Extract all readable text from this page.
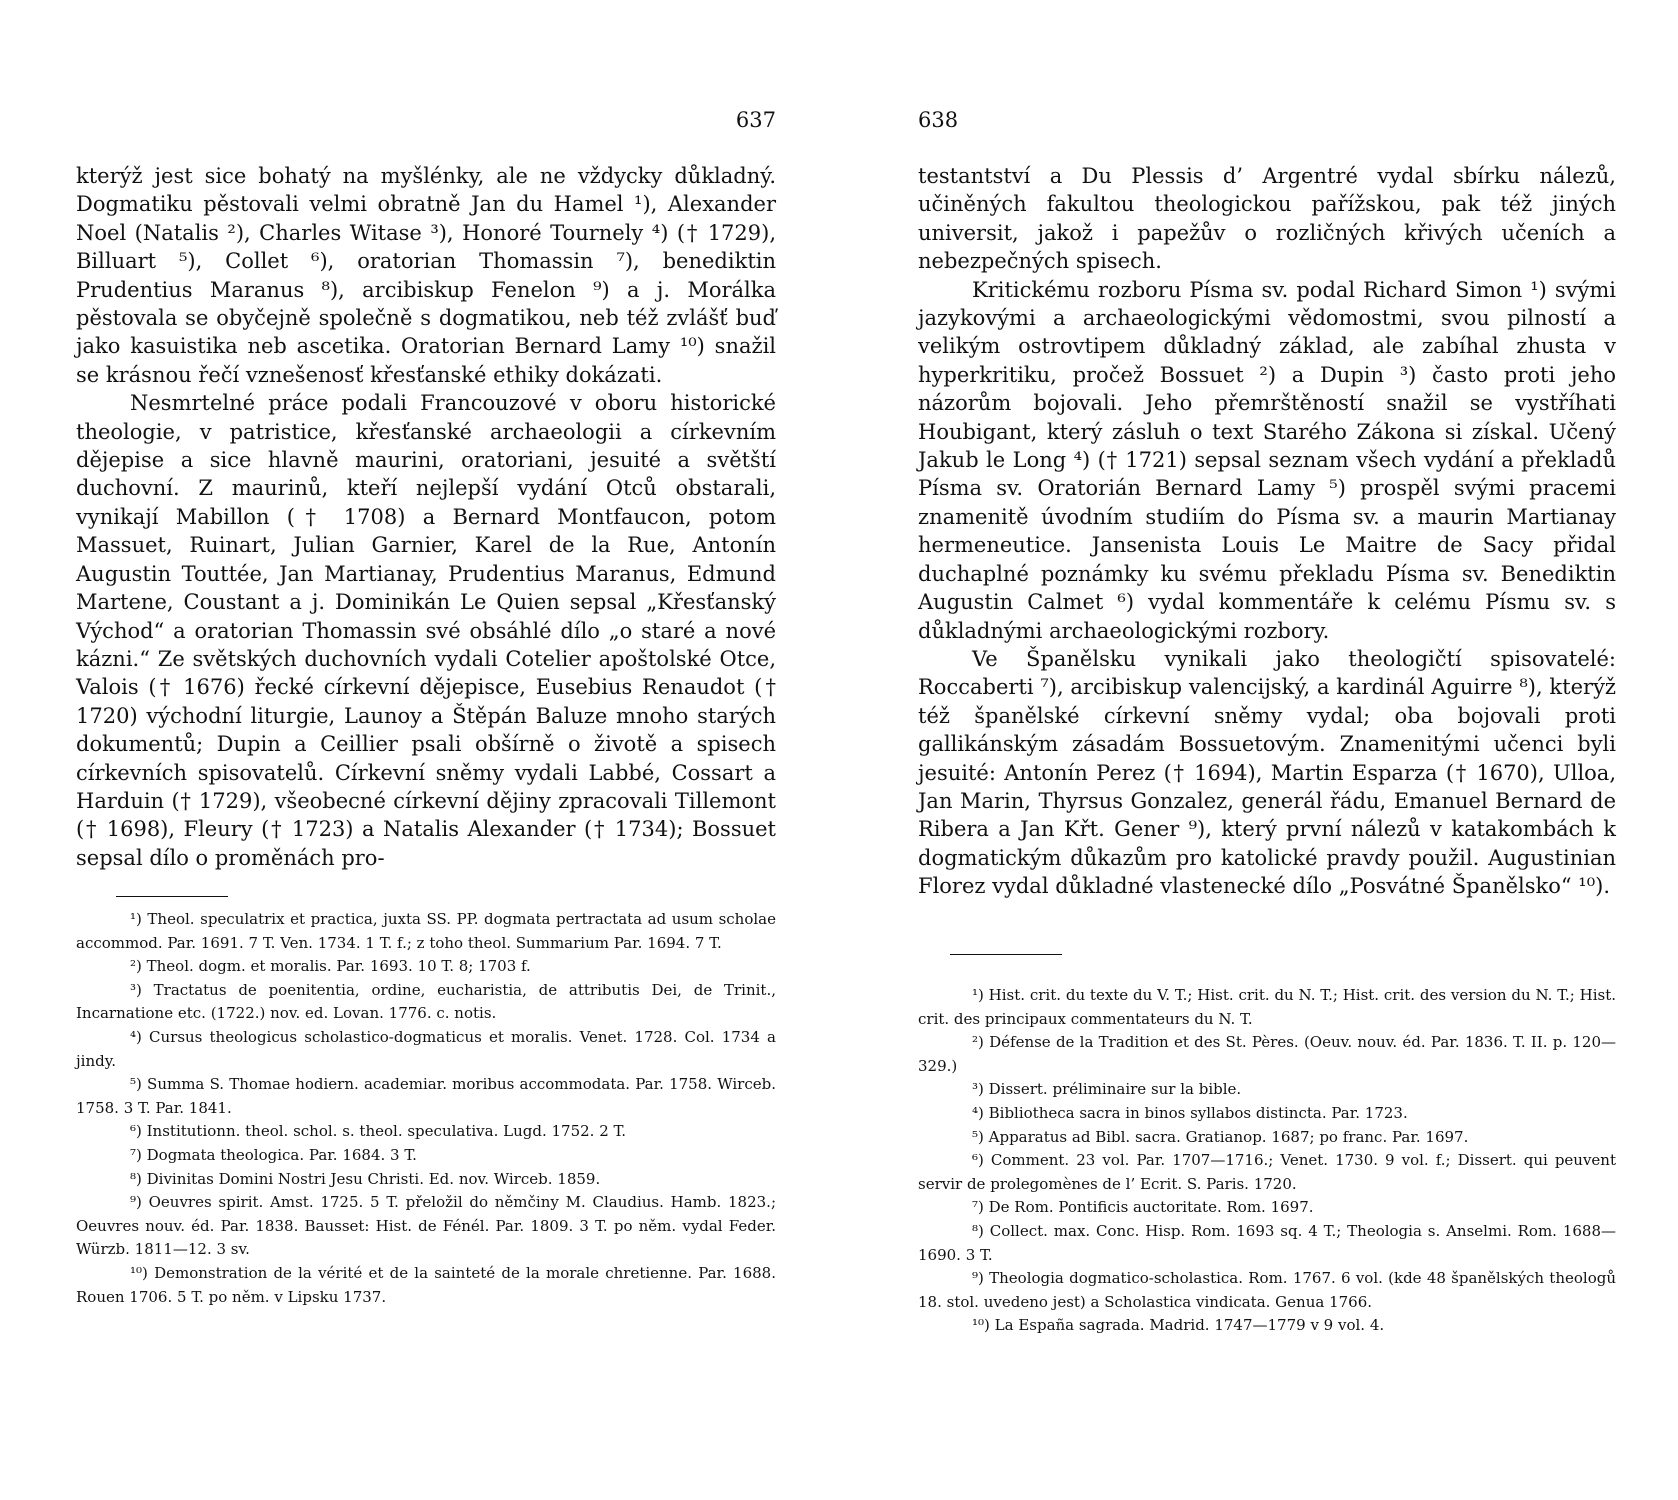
637

kterýž jest sice bohatý na myšlénky, ale ne vždycky důkladný. Dogmatiku pěstovali velmi obratně Jan du Hamel ¹), Alexander Noel (Natalis ²), Charles Witase ³), Honoré Tournely ⁴) († 1729), Billuart ⁵), Collet ⁶), oratorian Thomassin ⁷), benediktin Prudentius Maranus ⁸), arcibiskup Fenelon ⁹) a j. Morálka pěstovala se obyčejně společně s dogmatikou, neb též zvlášť buď jako kasuistika neb ascetika. Oratorian Bernard Lamy ¹⁰) snažil se krásnou řečí vznešenosť křesťanské ethiky dokázati.

Nesmrtelné práce podali Francouzové v oboru historické theologie, v patristice, křesťanské archaeologii a církevním dějepise a sice hlavně maurini, oratoriani, jesuité a světští duchovní. Z maurinů, kteří nejlepší vydání Otců obstarali, vynikají Mabillon († 1708) a Bernard Montfaucon, potom Massuet, Ruinart, Julian Garnier, Karel de la Rue, Antonín Augustin Touttée, Jan Martianay, Prudentius Maranus, Edmund Martene, Coustant a j. Dominikán Le Quien sepsal „Křesťanský Východ“ a oratorian Thomassin své obsáhlé dílo „o staré a nové kázni.“ Ze světských duchovních vydali Cotelier apoštolské Otce, Valois († 1676) řecké církevní dějepisce, Eusebius Renaudot († 1720) východní liturgie, Launoy a Štěpán Baluze mnoho starých dokumentů; Dupin a Ceillier psali obšírně o životě a spisech církevních spisovatelů. Církevní sněmy vydali Labbé, Cossart a Harduin († 1729), všeobecné církevní dějiny zpracovali Tillemont († 1698), Fleury († 1723) a Natalis Alexander († 1734); Bossuet sepsal dílo o proměnách pro-

¹) Theol. speculatrix et practica, juxta SS. PP. dogmata pertractata ad usum scholae accommod. Par. 1691. 7 T. Ven. 1734. 1 T. f.; z toho theol. Summarium Par. 1694. 7 T.

²) Theol. dogm. et moralis. Par. 1693. 10 T. 8; 1703 f.

³) Tractatus de poenitentia, ordine, eucharistia, de attributis Dei, de Trinit., Incarnatione etc. (1722.) nov. ed. Lovan. 1776. c. notis.

⁴) Cursus theologicus scholastico-dogmaticus et moralis. Venet. 1728. Col. 1734 a jindy.

⁵) Summa S. Thomae hodiern. academiar. moribus accommodata. Par. 1758. Wirceb. 1758. 3 T. Par. 1841.

⁶) Institutionn. theol. schol. s. theol. speculativa. Lugd. 1752. 2 T.

⁷) Dogmata theologica. Par. 1684. 3 T.

⁸) Divinitas Domini Nostri Jesu Christi. Ed. nov. Wirceb. 1859.

⁹) Oeuvres spirit. Amst. 1725. 5 T. přeložil do němčiny M. Claudius. Hamb. 1823.; Oeuvres nouv. éd. Par. 1838. Bausset: Hist. de Fénél. Par. 1809. 3 T. po něm. vydal Feder. Würzb. 1811—12. 3 sv.

¹⁰) Demonstration de la vérité et de la sainteté de la morale chretienne. Par. 1688. Rouen 1706. 5 T. po něm. v Lipsku 1737.

638

testantství a Du Plessis d’ Argentré vydal sbírku nálezů, učiněných fakultou theologickou pařížskou, pak též jiných universit, jakož i papežův o rozličných křivých učeních a nebezpečných spisech.

Kritickému rozboru Písma sv. podal Richard Simon ¹) svými jazykovými a archaeologickými vědomostmi, svou pilností a velikým ostrovtipem důkladný základ, ale zabíhal zhusta v hyperkritiku, pročež Bossuet ²) a Dupin ³) často proti jeho názorům bojovali. Jeho přemrštěností snažil se vystříhati Houbigant, který zásluh o text Starého Zákona si získal. Učený Jakub le Long ⁴) († 1721) sepsal seznam všech vydání a překladů Písma sv. Oratorián Bernard Lamy ⁵) prospěl svými pracemi znamenitě úvodním studiím do Písma sv. a maurin Martianay hermeneutice. Jansenista Louis Le Maitre de Sacy přidal duchaplné poznámky ku svému překladu Písma sv. Benediktin Augustin Calmet ⁶) vydal kommentáře k celému Písmu sv. s důkladnými archaeologickými rozbory.

Ve Španělsku vynikali jako theologičtí spisovatelé: Roccaberti ⁷), arcibiskup valencijský, a kardinál Aguirre ⁸), kterýž též španělské církevní sněmy vydal; oba bojovali proti gallikánským zásadám Bossuetovým. Znamenitými učenci byli jesuité: Antonín Perez († 1694), Martin Esparza († 1670), Ulloa, Jan Marin, Thyrsus Gonzalez, generál řádu, Emanuel Bernard de Ribera a Jan Křt. Gener ⁹), který první nálezů v katakombách k dogmatickým důkazům pro katolické pravdy použil. Augustinian Florez vydal důkladné vlastenecké dílo „Posvátné Španělsko“ ¹⁰).

¹) Hist. crit. du texte du V. T.; Hist. crit. du N. T.; Hist. crit. des version du N. T.; Hist. crit. des principaux commentateurs du N. T.

²) Défense de la Tradition et des St. Pères. (Oeuv. nouv. éd. Par. 1836. T. II. p. 120—329.)

³) Dissert. préliminaire sur la bible.

⁴) Bibliotheca sacra in binos syllabos distincta. Par. 1723.

⁵) Apparatus ad Bibl. sacra. Gratianop. 1687; po franc. Par. 1697.

⁶) Comment. 23 vol. Par. 1707—1716.; Venet. 1730. 9 vol. f.; Dissert. qui peuvent servir de prolegomènes de l’ Ecrit. S. Paris. 1720.

⁷) De Rom. Pontificis auctoritate. Rom. 1697.

⁸) Collect. max. Conc. Hisp. Rom. 1693 sq. 4 T.; Theologia s. Anselmi. Rom. 1688—1690. 3 T.

⁹) Theologia dogmatico-scholastica. Rom. 1767. 6 vol. (kde 48 španělských theologů 18. stol. uvedeno jest) a Scholastica vindicata. Genua 1766.

¹⁰) La España sagrada. Madrid. 1747—1779 v 9 vol. 4.
